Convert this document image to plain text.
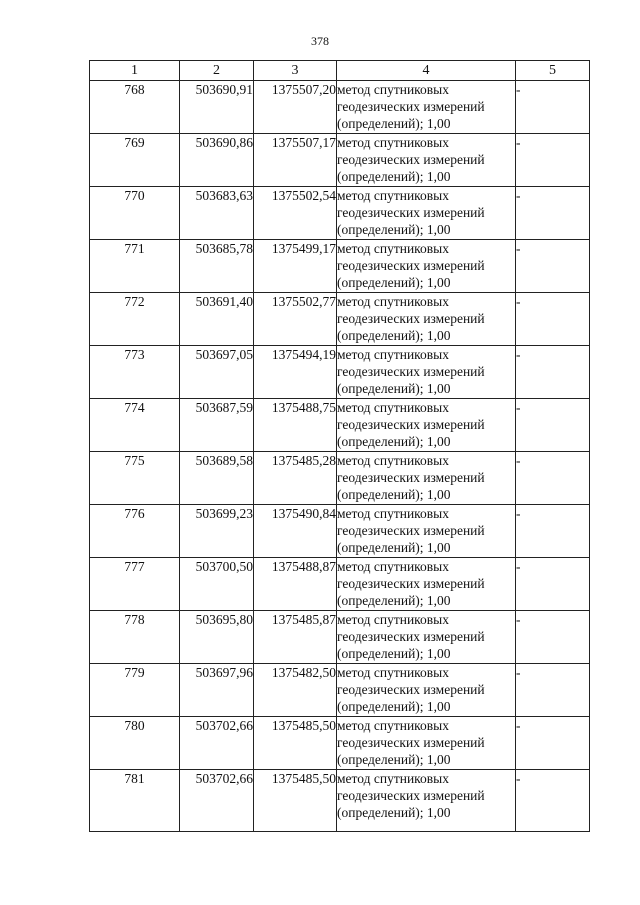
378
1	2	3	4	5
768	503690,91	1375507,20	метод спутниковых
геодезических измерений
(определений); 1,00	-
769	503690,86	1375507,17	метод спутниковых
геодезических измерений
(определений); 1,00	-
770	503683,63	1375502,54	метод спутниковых
геодезических измерений
(определений); 1,00	-
771	503685,78	1375499,17	метод спутниковых
геодезических измерений
(определений); 1,00	-
772	503691,40	1375502,77	метод спутниковых
геодезических измерений
(определений); 1,00	-
773	503697,05	1375494,19	метод спутниковых
геодезических измерений
(определений); 1,00	-
774	503687,59	1375488,75	метод спутниковых
геодезических измерений
(определений); 1,00	-
775	503689,58	1375485,28	метод спутниковых
геодезических измерений
(определений); 1,00	-
776	503699,23	1375490,84	метод спутниковых
геодезических измерений
(определений); 1,00	-
777	503700,50	1375488,87	метод спутниковых
геодезических измерений
(определений); 1,00	-
778	503695,80	1375485,87	метод спутниковых
геодезических измерений
(определений); 1,00	-
779	503697,96	1375482,50	метод спутниковых
геодезических измерений
(определений); 1,00	-
780	503702,66	1375485,50	метод спутниковых
геодезических измерений
(определений); 1,00	-
781	503702,66	1375485,50	метод спутниковых
геодезических измерений
(определений); 1,00	-
